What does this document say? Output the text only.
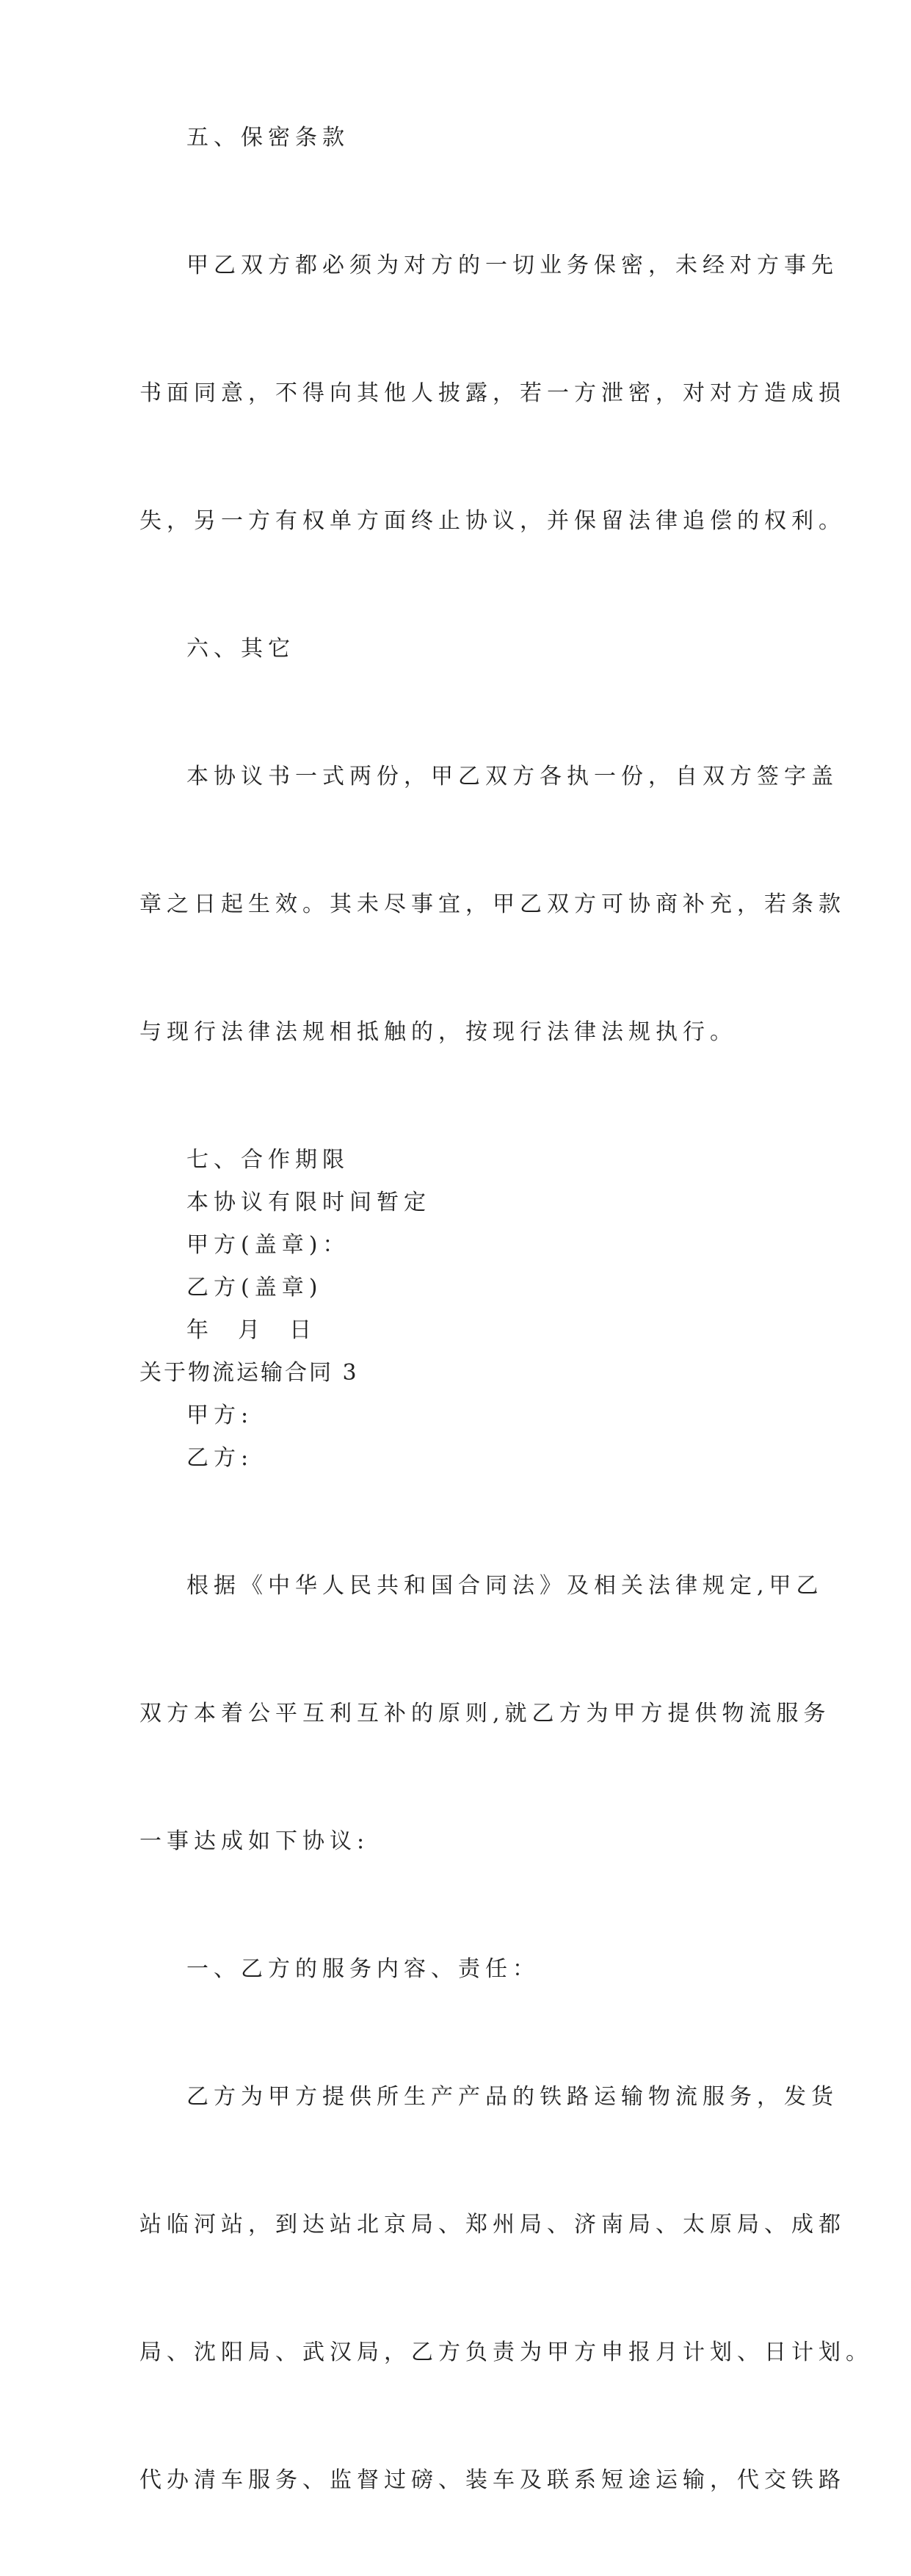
五、保密条款

甲乙双方都必须为对方的一切业务保密，未经对方事先

书面同意，不得向其他人披露，若一方泄密，对对方造成损

失，另一方有权单方面终止协议，并保留法律追偿的权利。

六、其它

本协议书一式两份，甲乙双方各执一份，自双方签字盖

章之日起生效。其未尽事宜，甲乙双方可协商补充，若条款

与现行法律法规相抵触的，按现行法律法规执行。

七、合作期限

本协议有限时间暂定

甲方(盖章)：

乙方(盖章)

年  月  日

关于物流运输合同 3

甲方:

乙方:

根据《中华人民共和国合同法》及相关法律规定,甲乙

双方本着公平互利互补的原则,就乙方为甲方提供物流服务

一事达成如下协议:

一、乙方的服务内容、责任：

乙方为甲方提供所生产产品的铁路运输物流服务，发货

站临河站，到达站北京局、郑州局、济南局、太原局、成都

局、沈阳局、武汉局，乙方负责为甲方申报月计划、日计划。

代办清车服务、监督过磅、装车及联系短途运输，代交铁路
